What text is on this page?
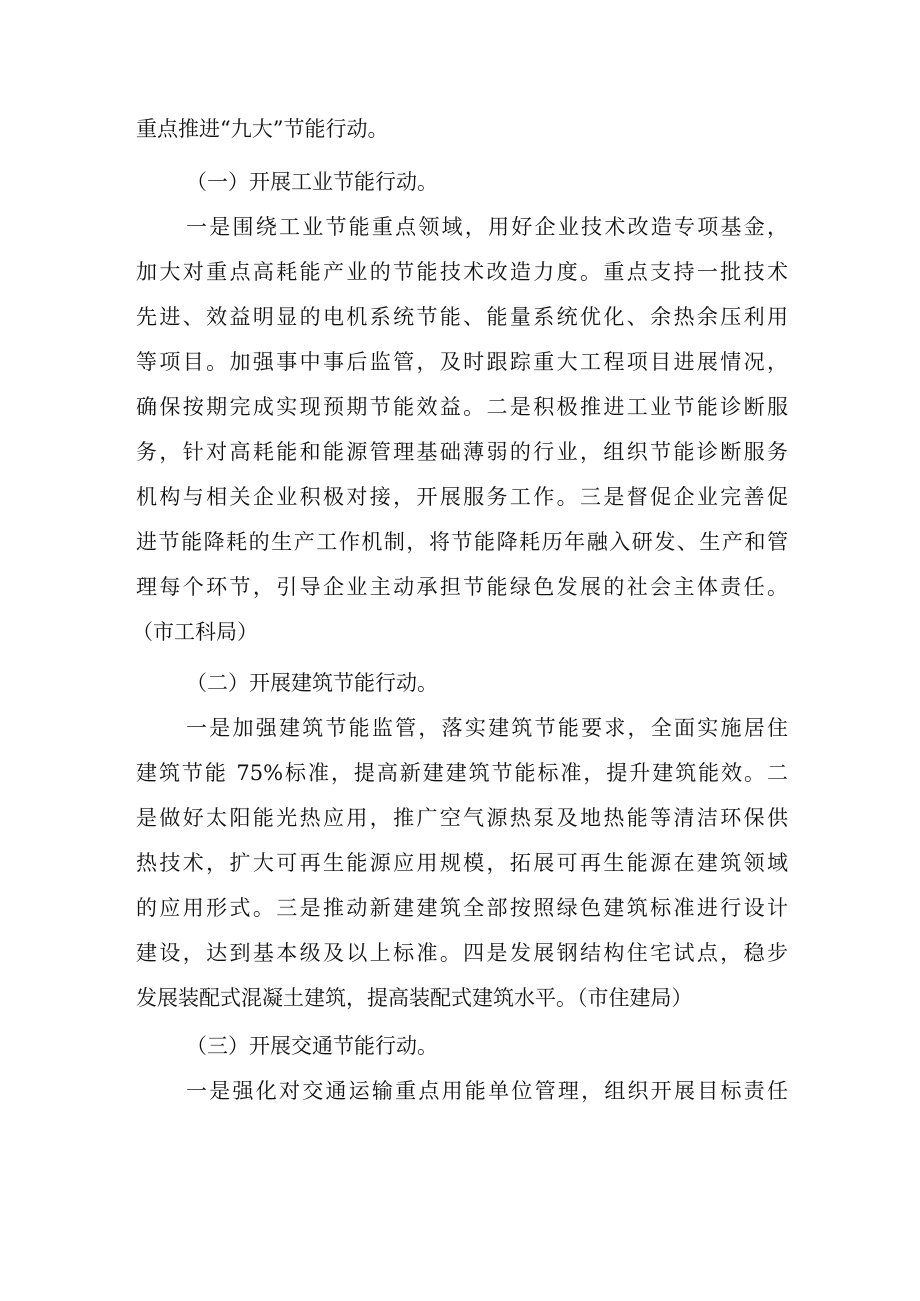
重点推进“九大”节能行动。
（一）开展工业节能行动。
一是围绕工业节能重点领域，用好企业技术改造专项基金，
加大对重点高耗能产业的节能技术改造力度。重点支持一批技术
先进、效益明显的电机系统节能、能量系统优化、余热余压利用
等项目。加强事中事后监管，及时跟踪重大工程项目进展情况，
确保按期完成实现预期节能效益。二是积极推进工业节能诊断服
务，针对高耗能和能源管理基础薄弱的行业，组织节能诊断服务
机构与相关企业积极对接，开展服务工作。三是督促企业完善促
进节能降耗的生产工作机制，将节能降耗历年融入研发、生产和管
理每个环节，引导企业主动承担节能绿色发展的社会主体责任。
（市工科局）
（二）开展建筑节能行动。
一是加强建筑节能监管，落实建筑节能要求，全面实施居住
建筑节能 75%标准，提高新建建筑节能标准，提升建筑能效。二
是做好太阳能光热应用，推广空气源热泵及地热能等清洁环保供
热技术，扩大可再生能源应用规模，拓展可再生能源在建筑领域
的应用形式。三是推动新建建筑全部按照绿色建筑标准进行设计
建设，达到基本级及以上标准。四是发展钢结构住宅试点，稳步
发展装配式混凝土建筑，提高装配式建筑水平。（市住建局）
（三）开展交通节能行动。
一是强化对交通运输重点用能单位管理，组织开展目标责任
